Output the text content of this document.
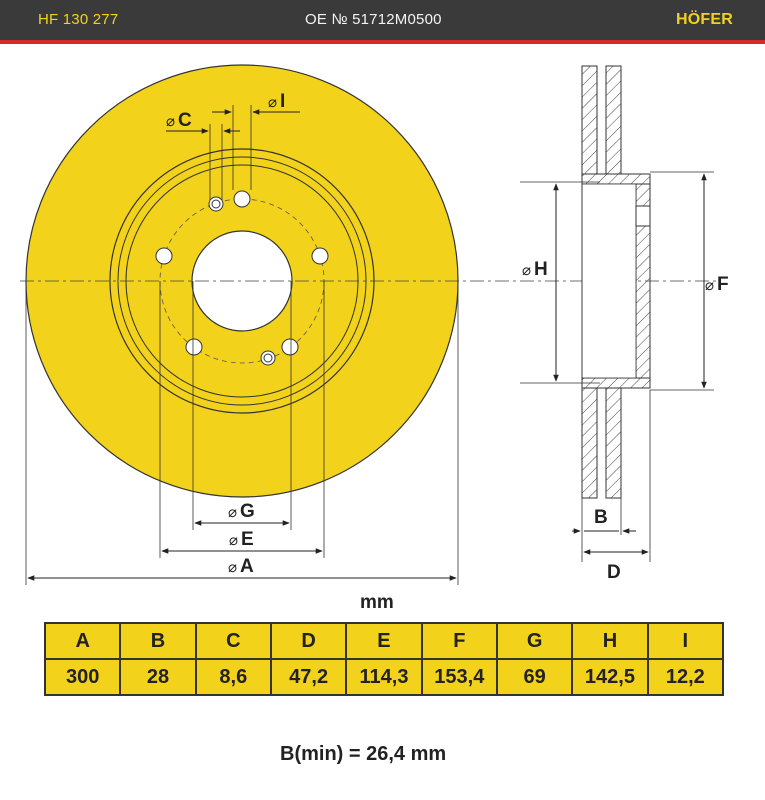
HF 130 277	OE № 51712M0500	HÖFER
⌀ A
⌀ E
⌀ G
⌀ C
⌀ I
⌀ H
⌀ F
B
D
mm
A	B	C	D	E	F	G	H	I
300	28	8,6	47,2	114,3	153,4	69	142,5	12,2
B(min) = 26,4 mm
